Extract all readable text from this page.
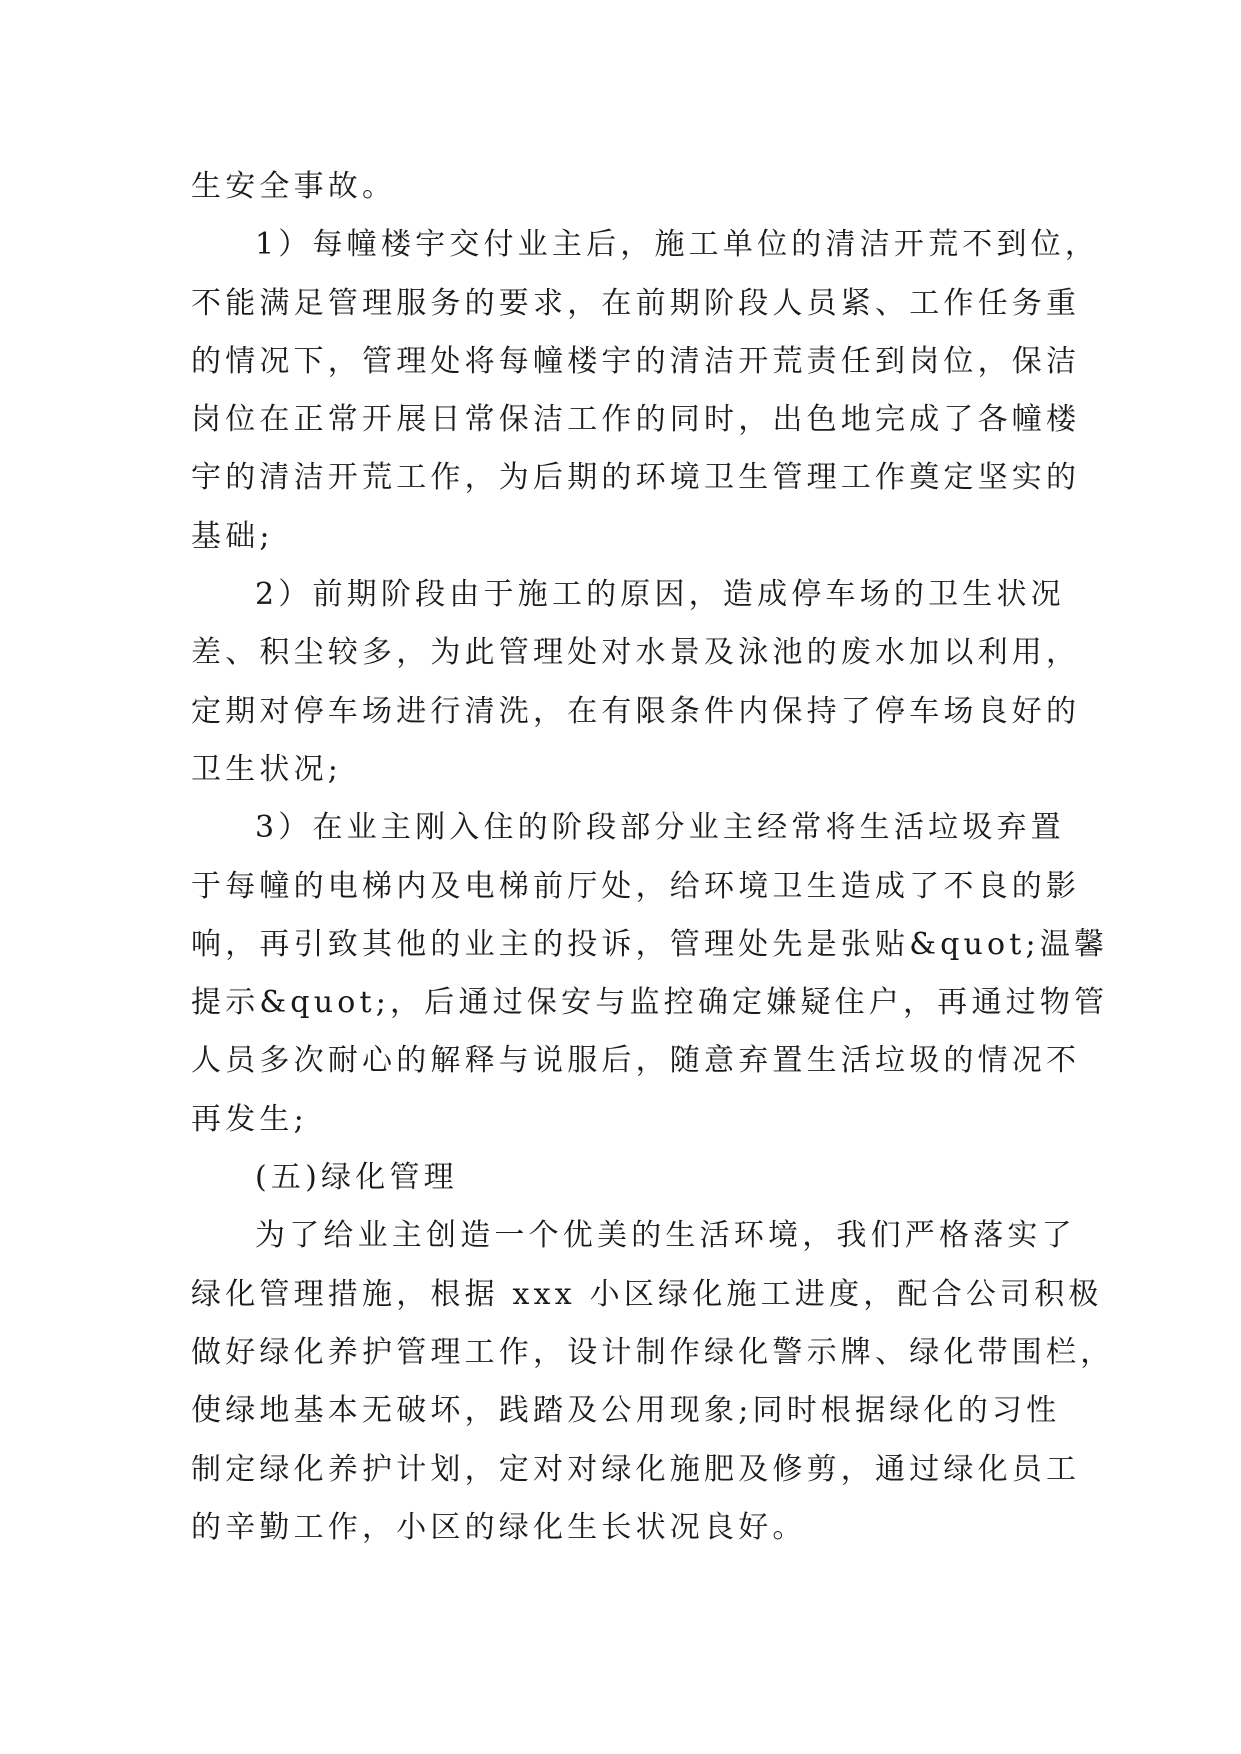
生安全事故。
1）每幢楼宇交付业主后，施工单位的清洁开荒不到位，
不能满足管理服务的要求，在前期阶段人员紧、工作任务重
的情况下，管理处将每幢楼宇的清洁开荒责任到岗位，保洁
岗位在正常开展日常保洁工作的同时，出色地完成了各幢楼
宇的清洁开荒工作，为后期的环境卫生管理工作奠定坚实的
基础;
2）前期阶段由于施工的原因，造成停车场的卫生状况
差、积尘较多，为此管理处对水景及泳池的废水加以利用，
定期对停车场进行清洗，在有限条件内保持了停车场良好的
卫生状况;
3）在业主刚入住的阶段部分业主经常将生活垃圾弃置
于每幢的电梯内及电梯前厅处，给环境卫生造成了不良的影
响，再引致其他的业主的投诉，管理处先是张贴&quot;温馨
提示&quot;，后通过保安与监控确定嫌疑住户，再通过物管
人员多次耐心的解释与说服后，随意弃置生活垃圾的情况不
再发生;
(五)绿化管理
为了给业主创造一个优美的生活环境，我们严格落实了
绿化管理措施，根据 xxx 小区绿化施工进度，配合公司积极
做好绿化养护管理工作，设计制作绿化警示牌、绿化带围栏，
使绿地基本无破坏，践踏及公用现象;同时根据绿化的习性
制定绿化养护计划，定对对绿化施肥及修剪，通过绿化员工
的辛勤工作，小区的绿化生长状况良好。
